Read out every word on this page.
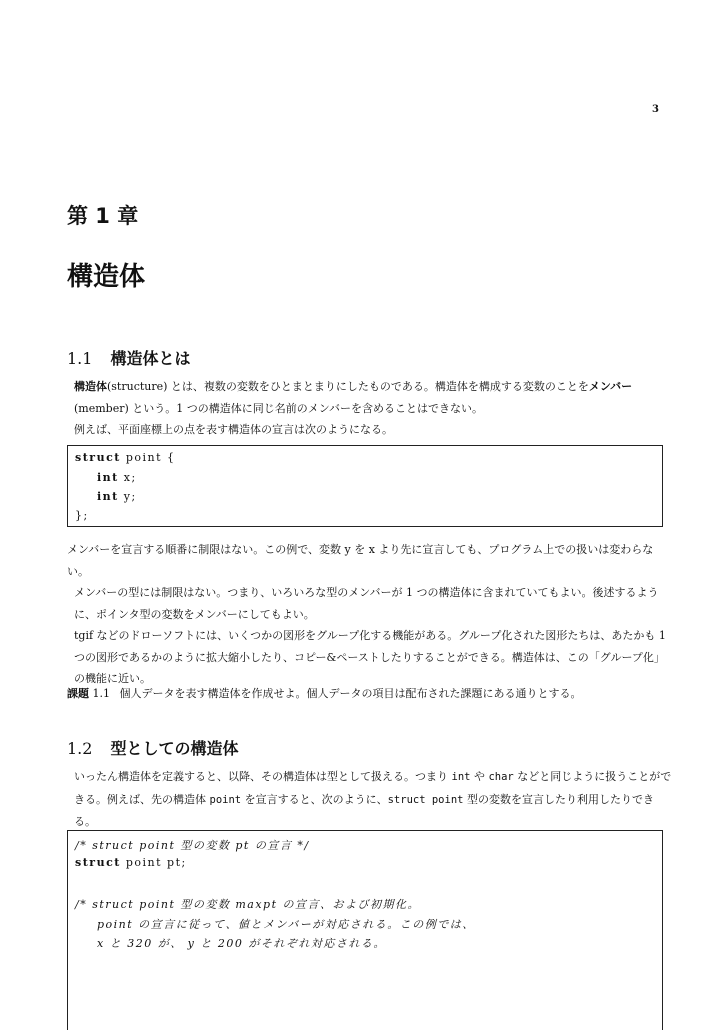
3
第 1 章
構造体
1.1 構造体とは
構造体(structure) とは、複数の変数をひとまとまりにしたものである。構造体を構成する変数のことをメンバー(member) という。1 つの構造体に同じ名前のメンバーを含めることはできない。
例えば、平面座標上の点を表す構造体の宣言は次のようになる。
struct point {
int x;
int y;
};
メンバーを宣言する順番に制限はない。この例で、変数 y を x より先に宣言しても、プログラム上での扱いは変わらない。
メンバーの型には制限はない。つまり、いろいろな型のメンバーが 1 つの構造体に含まれていてもよい。後述するように、ポインタ型の変数をメンバーにしてもよい。
tgif などのドローソフトには、いくつかの図形をグループ化する機能がある。グループ化された図形たちは、あたかも 1 つの図形であるかのように拡大縮小したり、コピー&ペーストしたりすることができる。構造体は、この「グループ化」の機能に近い。
課題 1.1 個人データを表す構造体を作成せよ。個人データの項目は配布された課題にある通りとする。
1.2 型としての構造体
いったん構造体を定義すると、以降、その構造体は型として扱える。つまり int や char などと同じように扱うことができる。例えば、先の構造体 point を宣言すると、次のように、struct point 型の変数を宣言したり利用したりできる。
/* struct point 型の変数 pt の宣言 */
struct point pt;
/* struct point 型の変数 maxpt の宣言、および初期化。
point の宣言に従って、値とメンバーが対応される。この例では、
x と 320 が、 y と 200 がそれぞれ対応される。
